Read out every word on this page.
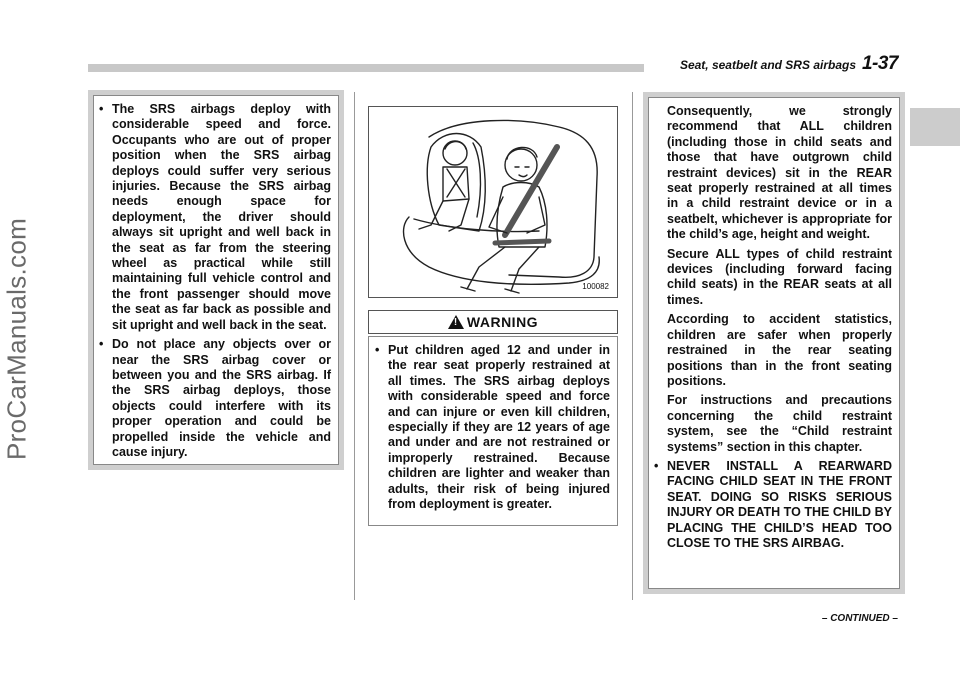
ProCarManuals.com
Seat, seatbelt and SRS airbags 1-37
• The SRS airbags deploy with considerable speed and force. Occupants who are out of proper position when the SRS airbag deploys could suffer very serious injuries. Because the SRS airbag needs enough space for deployment, the driver should always sit upright and well back in the seat as far from the steering wheel as practical while still maintaining full vehicle control and the front passenger should move the seat as far back as possible and sit upright and well back in the seat.
• Do not place any objects over or near the SRS airbag cover or between you and the SRS airbag. If the SRS airbag deploys, those objects could interfere with its proper operation and could be propelled inside the vehicle and cause injury.
100082
!
WARNING
• Put children aged 12 and under in the rear seat properly restrained at all times. The SRS airbag deploys with considerable speed and force and can injure or even kill children, especially if they are 12 years of age and under and are not restrained or improperly restrained. Because children are lighter and weaker than adults, their risk of being injured from deployment is greater.
Consequently, we strongly recommend that ALL children (including those in child seats and those that have outgrown child restraint devices) sit in the REAR seat properly restrained at all times in a child restraint device or in a seatbelt, whichever is appropriate for the child’s age, height and weight.
Secure ALL types of child restraint devices (including forward facing child seats) in the REAR seats at all times.
According to accident statistics, children are safer when properly restrained in the rear seating positions than in the front seating positions.
For instructions and precautions concerning the child restraint system, see the “Child restraint systems” section in this chapter.
• NEVER INSTALL A REARWARD FACING CHILD SEAT IN THE FRONT SEAT. DOING SO RISKS SERIOUS INJURY OR DEATH TO THE CHILD BY PLACING THE CHILD’S HEAD TOO CLOSE TO THE SRS AIRBAG.
– CONTINUED –
